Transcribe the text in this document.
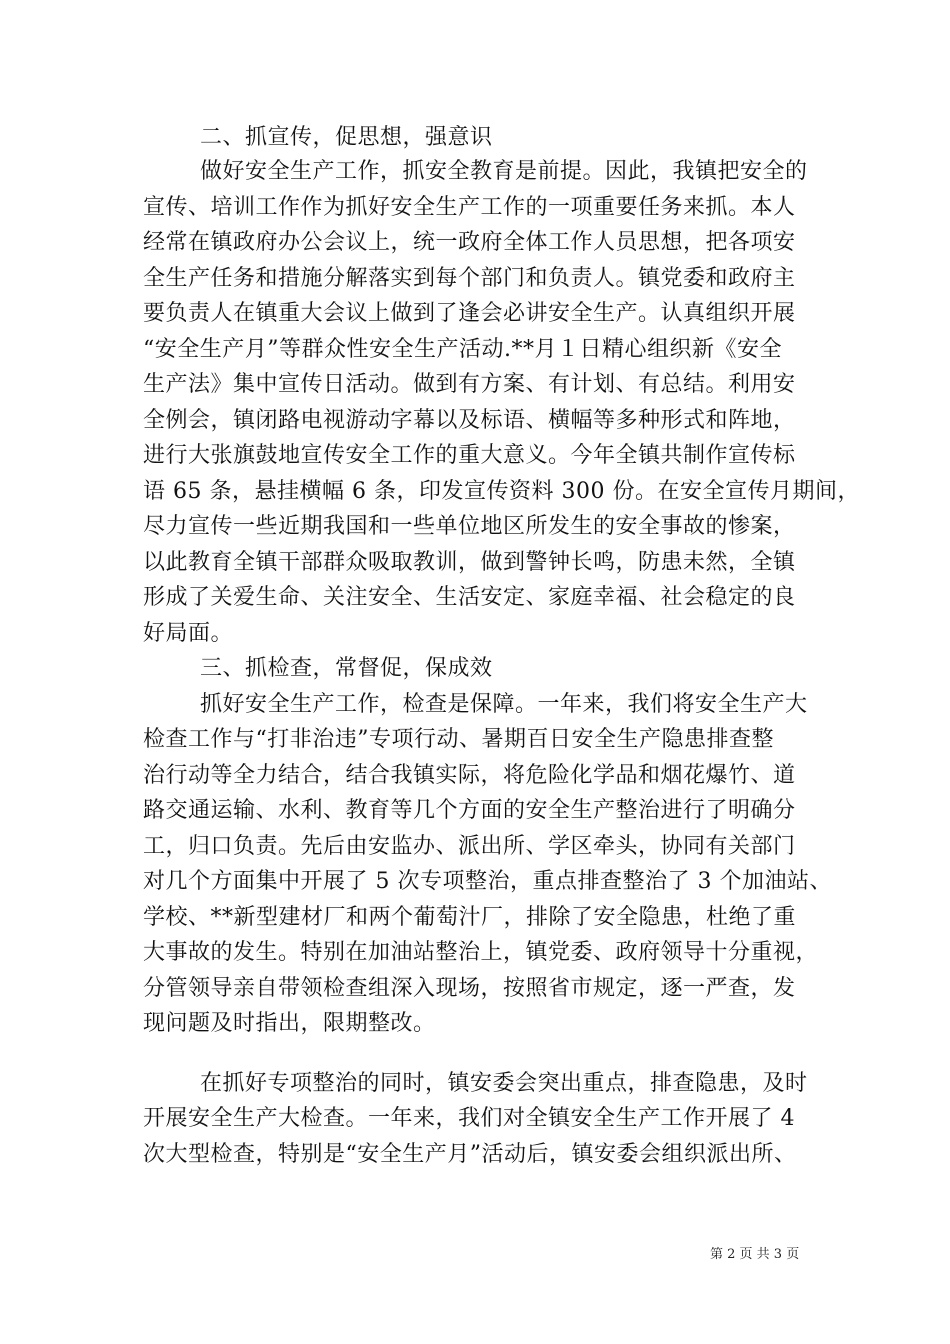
二、抓宣传，促思想，强意识
做好安全生产工作，抓安全教育是前提。因此，我镇把安全的
宣传、培训工作作为抓好安全生产工作的一项重要任务来抓。本人
经常在镇政府办公会议上，统一政府全体工作人员思想，把各项安
全生产任务和措施分解落实到每个部门和负责人。镇党委和政府主
要负责人在镇重大会议上做到了逢会必讲安全生产。认真组织开展
“安全生产月”等群众性安全生产活动.**月１日精心组织新《安全
生产法》集中宣传日活动。做到有方案、有计划、有总结。利用安
全例会，镇闭路电视游动字幕以及标语、横幅等多种形式和阵地，
进行大张旗鼓地宣传安全工作的重大意义。今年全镇共制作宣传标
语 65 条，悬挂横幅 6 条，印发宣传资料 300 份。在安全宣传月期间，
尽力宣传一些近期我国和一些单位地区所发生的安全事故的惨案，
以此教育全镇干部群众吸取教训，做到警钟长鸣，防患未然，全镇
形成了关爱生命、关注安全、生活安定、家庭幸福、社会稳定的良
好局面。
三、抓检查，常督促，保成效
抓好安全生产工作，检查是保障。一年来，我们将安全生产大
检查工作与“打非治违”专项行动、暑期百日安全生产隐患排查整
治行动等全力结合，结合我镇实际，将危险化学品和烟花爆竹、道
路交通运输、水利、教育等几个方面的安全生产整治进行了明确分
工，归口负责。先后由安监办、派出所、学区牵头，协同有关部门
对几个方面集中开展了 5 次专项整治，重点排查整治了 3 个加油站、
学校、**新型建材厂和两个葡萄汁厂，排除了安全隐患，杜绝了重
大事故的发生。特别在加油站整治上，镇党委、政府领导十分重视，
分管领导亲自带领检查组深入现场，按照省市规定，逐一严查，发
现问题及时指出，限期整改。
在抓好专项整治的同时，镇安委会突出重点，排查隐患，及时
开展安全生产大检查。一年来，我们对全镇安全生产工作开展了 4
次大型检查，特别是“安全生产月”活动后，镇安委会组织派出所、
第 2 页 共 3 页
